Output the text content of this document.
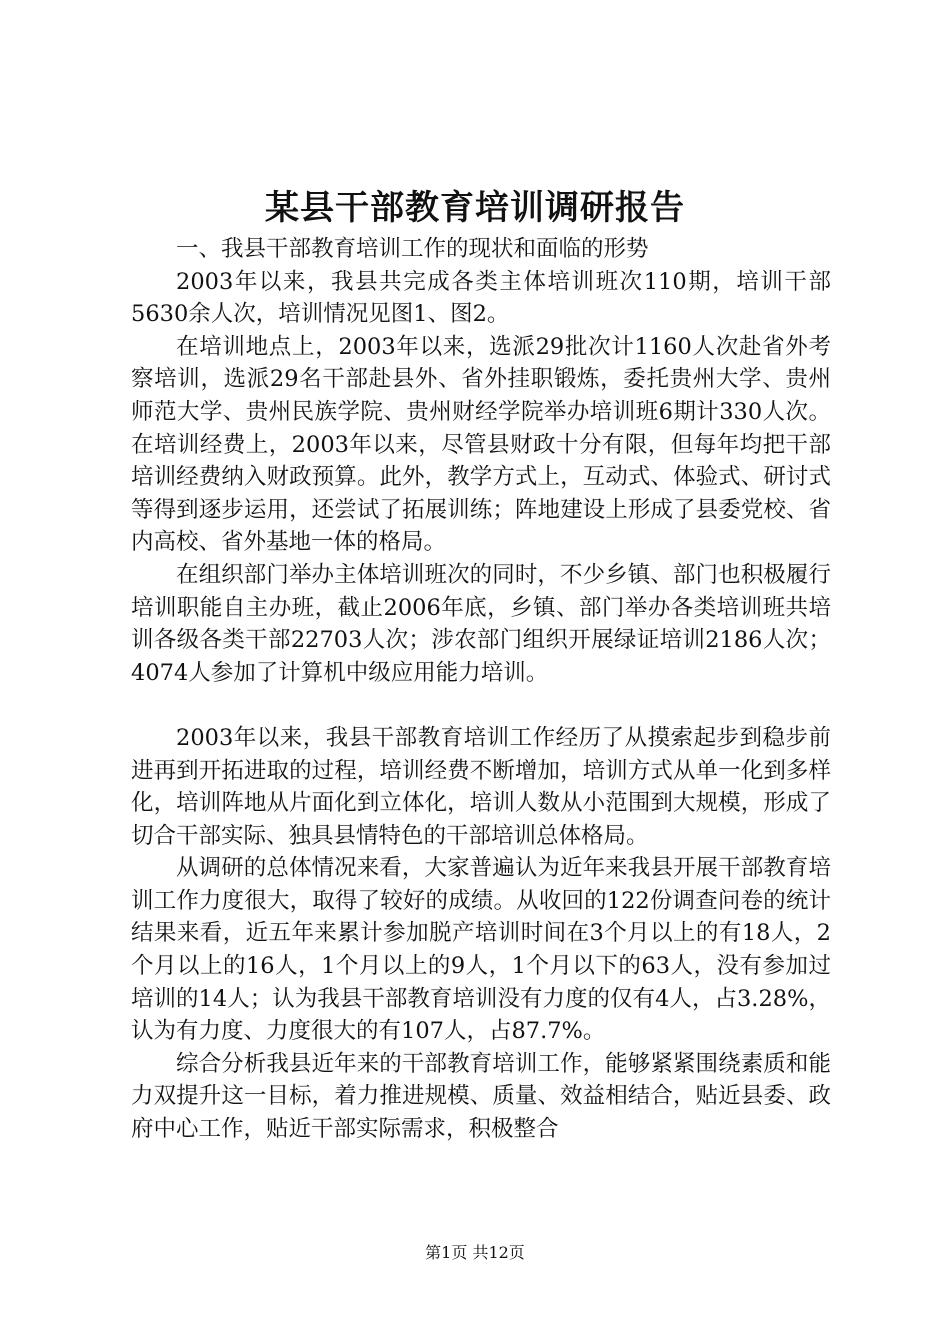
某县干部教育培训调研报告

一、我县干部教育培训工作的现状和面临的形势

2003年以来，我县共完成各类主体培训班次110期，培训干部5630余人次，培训情况见图1、图2。

在培训地点上，2003年以来，选派29批次计1160人次赴省外考察培训，选派29名干部赴县外、省外挂职锻炼，委托贵州大学、贵州师范大学、贵州民族学院、贵州财经学院举办培训班6期计330人次。在培训经费上，2003年以来，尽管县财政十分有限，但每年均把干部培训经费纳入财政预算。此外，教学方式上，互动式、体验式、研讨式等得到逐步运用，还尝试了拓展训练；阵地建设上形成了县委党校、省内高校、省外基地一体的格局。

在组织部门举办主体培训班次的同时，不少乡镇、部门也积极履行培训职能自主办班，截止2006年底，乡镇、部门举办各类培训班共培训各级各类干部22703人次；涉农部门组织开展绿证培训2186人次；4074人参加了计算机中级应用能力培训。

2003年以来，我县干部教育培训工作经历了从摸索起步到稳步前进再到开拓进取的过程，培训经费不断增加，培训方式从单一化到多样化，培训阵地从片面化到立体化，培训人数从小范围到大规模，形成了切合干部实际、独具县情特色的干部培训总体格局。

从调研的总体情况来看，大家普遍认为近年来我县开展干部教育培训工作力度很大，取得了较好的成绩。从收回的122份调查问卷的统计结果来看，近五年来累计参加脱产培训时间在3个月以上的有18人，2个月以上的16人，1个月以上的9人，1个月以下的63人，没有参加过培训的14人；认为我县干部教育培训没有力度的仅有4人，占3.28%，认为有力度、力度很大的有107人，占87.7%。

综合分析我县近年来的干部教育培训工作，能够紧紧围绕素质和能力双提升这一目标，着力推进规模、质量、效益相结合，贴近县委、政府中心工作，贴近干部实际需求，积极整合

第1页 共12页
